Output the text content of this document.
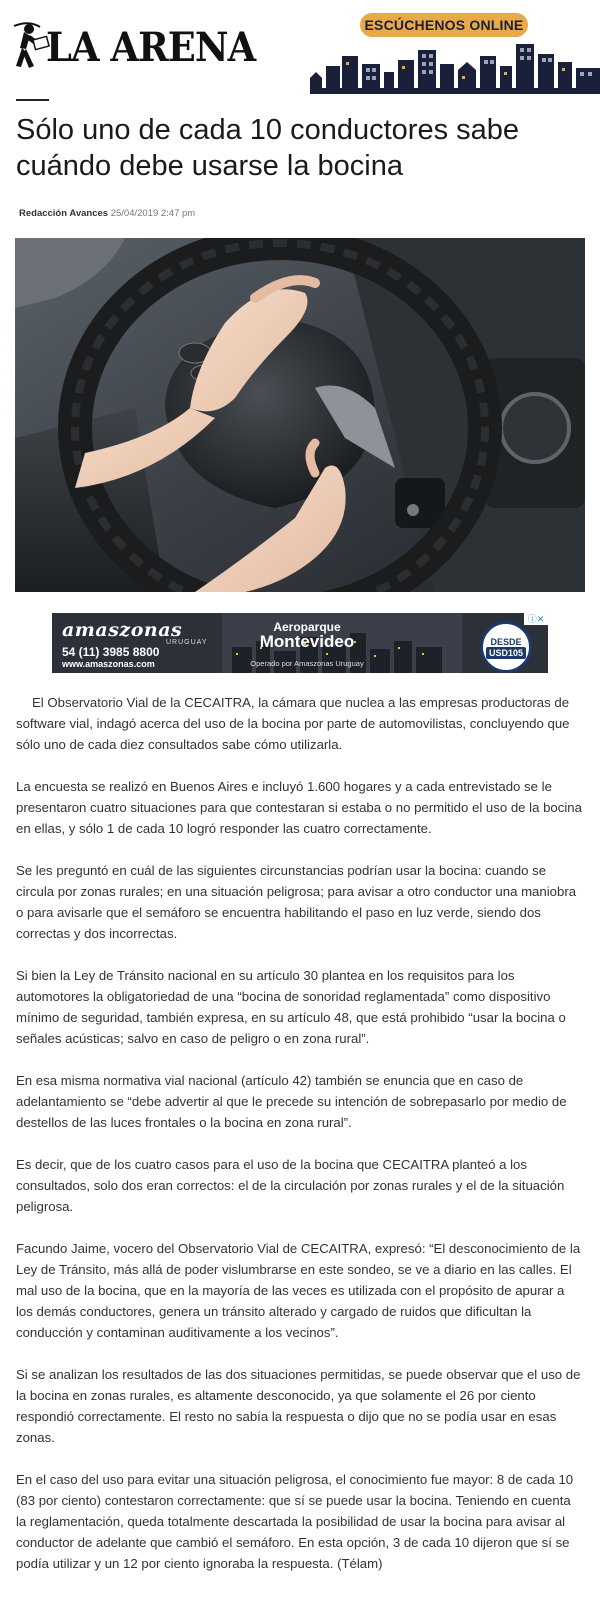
LA ARENA	ESCÚCHENOS ONLINE
Sólo uno de cada 10 conductores sabe cuándo debe usarse la bocina
Redacción Avances 25/04/2019 2:47 pm
amaszonas
URUGUAY
54 (11) 3985 8800
www.amaszonas.com
Aeroparque
Montevideo
Operado por Amaszonas Uruguay
DESDE
USD105
ⓘ✕

El Observatorio Vial de la CECAITRA, la cámara que nuclea a las empresas productoras de software vial, indagó acerca del uso de la bocina por parte de automovilistas, concluyendo que sólo uno de cada diez consultados sabe cómo utilizarla.

La encuesta se realizó en Buenos Aires e incluyó 1.600 hogares y a cada entrevistado se le presentaron cuatro situaciones para que contestaran si estaba o no permitido el uso de la bocina en ellas, y sólo 1 de cada 10 logró responder las cuatro correctamente.

Se les preguntó en cuál de las siguientes circunstancias podrían usar la bocina: cuando se circula por zonas rurales; en una situación peligrosa; para avisar a otro conductor una maniobra o para avisarle que el semáforo se encuentra habilitando el paso en luz verde, siendo dos correctas y dos incorrectas.

Si bien la Ley de Tránsito nacional en su artículo 30 plantea en los requisitos para los automotores la obligatoriedad de una “bocina de sonoridad reglamentada” como dispositivo mínimo de seguridad, también expresa, en su artículo 48, que está prohibido “usar la bocina o señales acústicas; salvo en caso de peligro o en zona rural”.

En esa misma normativa vial nacional (artículo 42) también se enuncia que en caso de adelantamiento se “debe advertir al que le precede su intención de sobrepasarlo por medio de destellos de las luces frontales o la bocina en zona rural”.

Es decir, que de los cuatro casos para el uso de la bocina que CECAITRA planteó a los consultados, solo dos eran correctos: el de la circulación por zonas rurales y el de la situación peligrosa.

Facundo Jaime, vocero del Observatorio Vial de CECAITRA, expresó: “El desconocimiento de la Ley de Tránsito, más allá de poder vislumbrarse en este sondeo, se ve a diario en las calles. El mal uso de la bocina, que en la mayoría de las veces es utilizada con el propósito de apurar a los demás conductores, genera un tránsito alterado y cargado de ruidos que dificultan la conducción y contaminan auditivamente a los vecinos”.

Si se analizan los resultados de las dos situaciones permitidas, se puede observar que el uso de la bocina en zonas rurales, es altamente desconocido, ya que solamente el 26 por ciento respondió correctamente. El resto no sabía la respuesta o dijo que no se podía usar en esas zonas.

En el caso del uso para evitar una situación peligrosa, el conocimiento fue mayor: 8 de cada 10 (83 por ciento) contestaron correctamente: que sí se puede usar la bocina. Teniendo en cuenta la reglamentación, queda totalmente descartada la posibilidad de usar la bocina para avisar al conductor de adelante que cambió el semáforo. En esta opción, 3 de cada 10 dijeron que sí se podía utilizar y un 12 por ciento ignoraba la respuesta. (Télam)
